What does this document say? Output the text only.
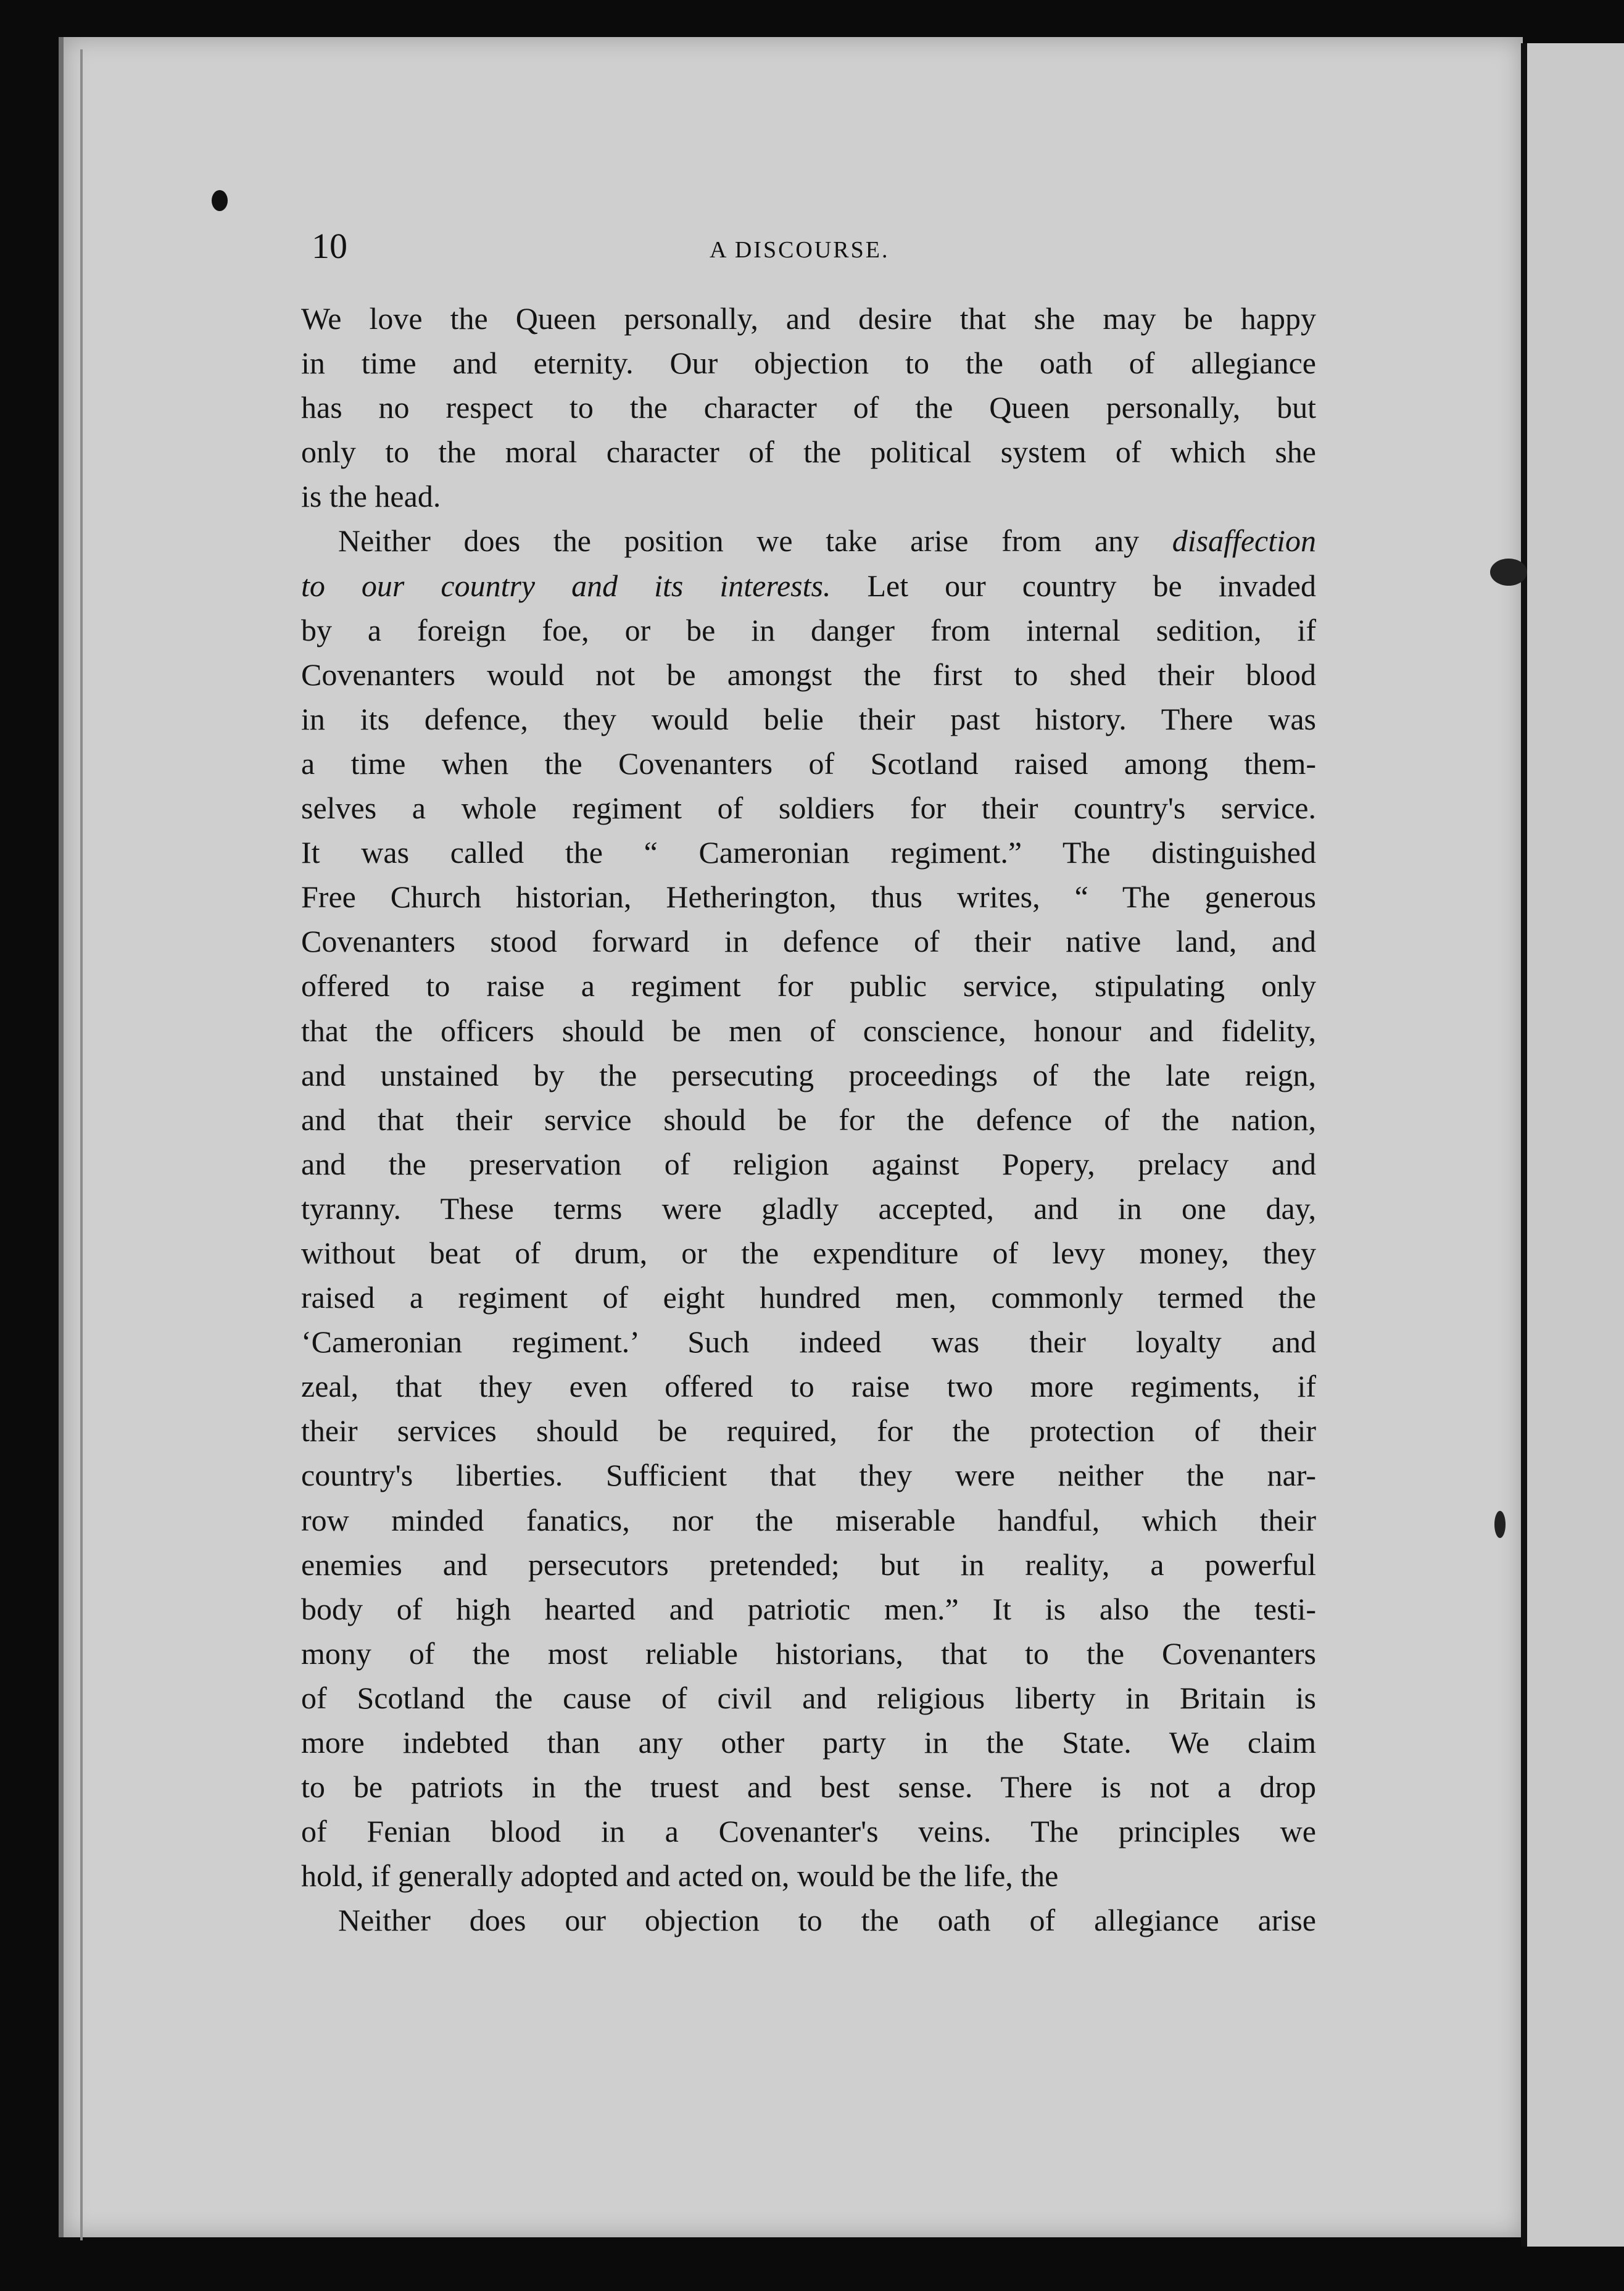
10	A DISCOURSE.
We love the Queen personally, and desire that she may be happy
in time and eternity. Our objection to the oath of allegiance
has no respect to the character of the Queen personally, but
only to the moral character of the political system of which she
is the head.
Neither does the position we take arise from any disaffection
to our country and its interests. Let our country be invaded
by a foreign foe, or be in danger from internal sedition, if
Covenanters would not be amongst the first to shed their blood
in its defence, they would belie their past history. There was
a time when the Covenanters of Scotland raised among them-
selves a whole regiment of soldiers for their country's service.
It was called the “ Cameronian regiment.” The distinguished
Free Church historian, Hetherington, thus writes, “ The generous
Covenanters stood forward in defence of their native land, and
offered to raise a regiment for public service, stipulating only
that the officers should be men of conscience, honour and fidelity,
and unstained by the persecuting proceedings of the late reign,
and that their service should be for the defence of the nation,
and the preservation of religion against Popery, prelacy and
tyranny. These terms were gladly accepted, and in one day,
without beat of drum, or the expenditure of levy money, they
raised a regiment of eight hundred men, commonly termed the
‘Cameronian regiment.’ Such indeed was their loyalty and
zeal, that they even offered to raise two more regiments, if
their services should be required, for the protection of their
country's liberties. Sufficient that they were neither the nar-
row minded fanatics, nor the miserable handful, which their
enemies and persecutors pretended; but in reality, a powerful
body of high hearted and patriotic men.” It is also the testi-
mony of the most reliable historians, that to the Covenanters
of Scotland the cause of civil and religious liberty in Britain is
more indebted than any other party in the State. We claim
to be patriots in the truest and best sense. There is not a drop
of Fenian blood in a Covenanter's veins. The principles we
hold, if generally adopted and acted on, would be the life, the
Neither does our objection to the oath of allegiance arise
